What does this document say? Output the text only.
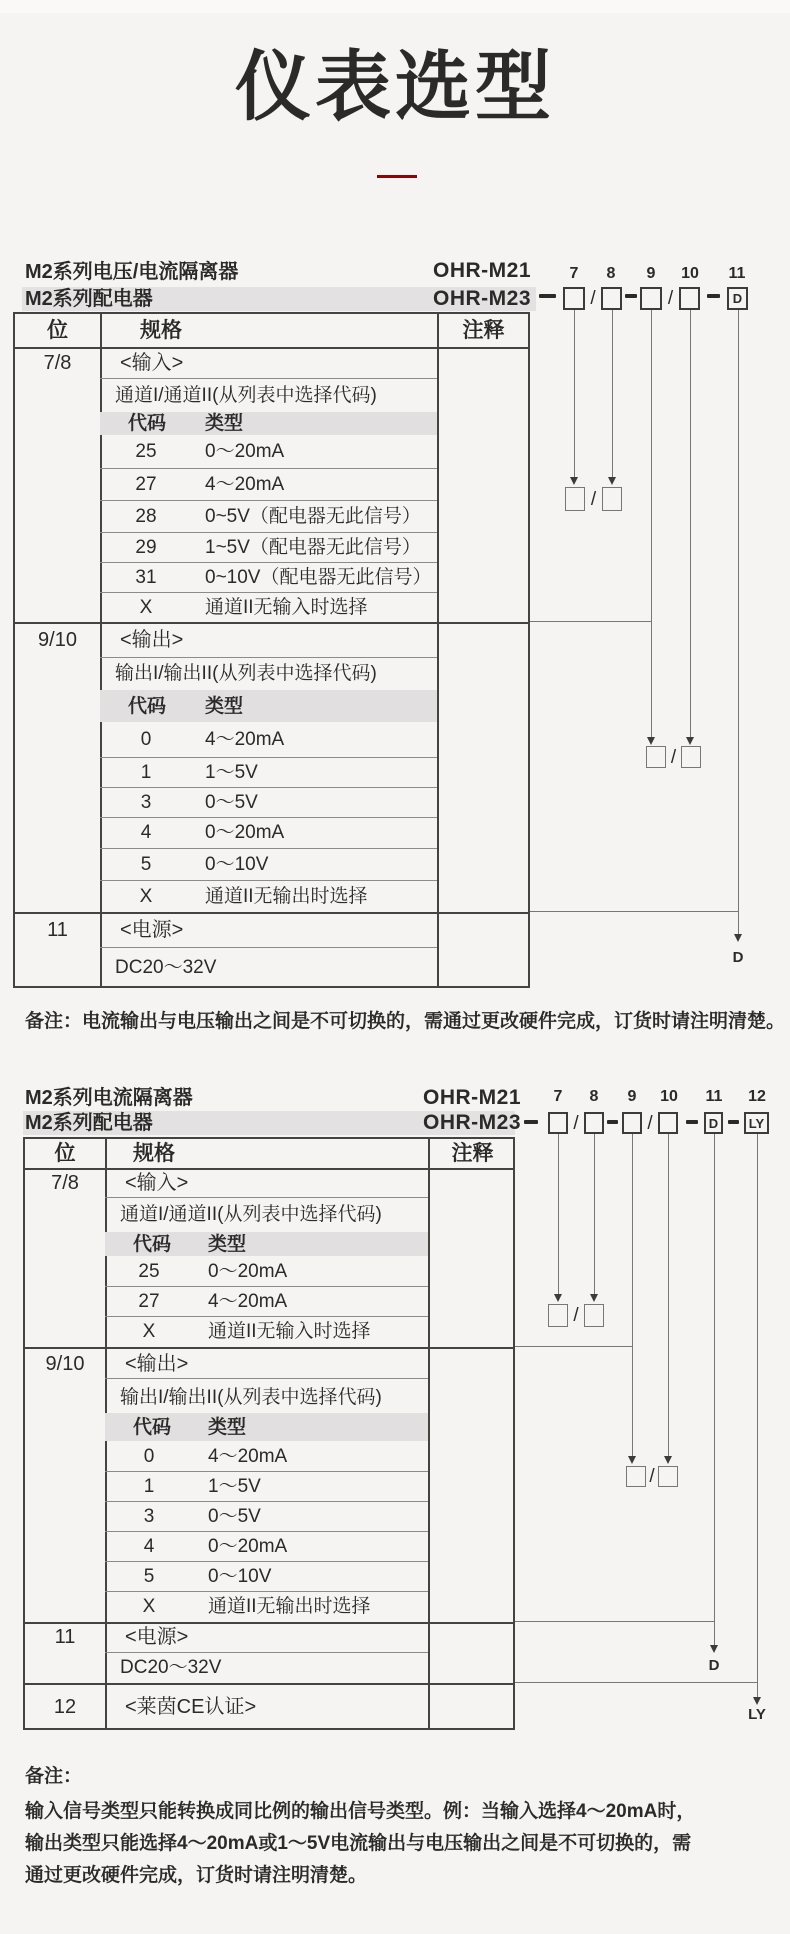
仪表选型
M2系列电压/电流隔离器	OHR-M21
M2系列配电器	OHR-M23
7	8	9	10	11
/	/	D
/
/
D
位	规格	注释
7/8	<输入>
通道I/通道II(从列表中选择代码)
代码 类型
25	0～20mA
27	4～20mA
28	0~5V（配电器无此信号）
29	1~5V（配电器无此信号）
31	0~10V（配电器无此信号）
X	通道II无输入时选择
9/10	<输出>
输出I/输出II(从列表中选择代码)
代码 类型
0	4～20mA
1	1～5V
3	0～5V
4	0～20mA
5	0～10V
X	通道II无输出时选择
11	<电源>
DC20～32V
备注：电流输出与电压输出之间是不可切换的，需通过更改硬件完成，订货时请注明清楚。
M2系列电流隔离器	OHR-M21
M2系列配电器	OHR-M23
7	8	9	10	11	12
/	/	D	LY
/
/
D
LY
位	规格	注释
7/8	<输入>
通道I/通道II(从列表中选择代码)
代码 类型
25	0～20mA
27	4～20mA
X	通道II无输入时选择
9/10	<输出>
输出I/输出II(从列表中选择代码)
代码 类型
0	4～20mA
1	1～5V
3	0～5V
4	0～20mA
5	0～10V
X	通道II无输出时选择
11	<电源>
DC20～32V
12	<莱茵CE认证>
备注：
输入信号类型只能转换成同比例的输出信号类型。例：当输入选择4～20mA时，
输出类型只能选择4～20mA或1～5V电流输出与电压输出之间是不可切换的，需
通过更改硬件完成，订货时请注明清楚。
